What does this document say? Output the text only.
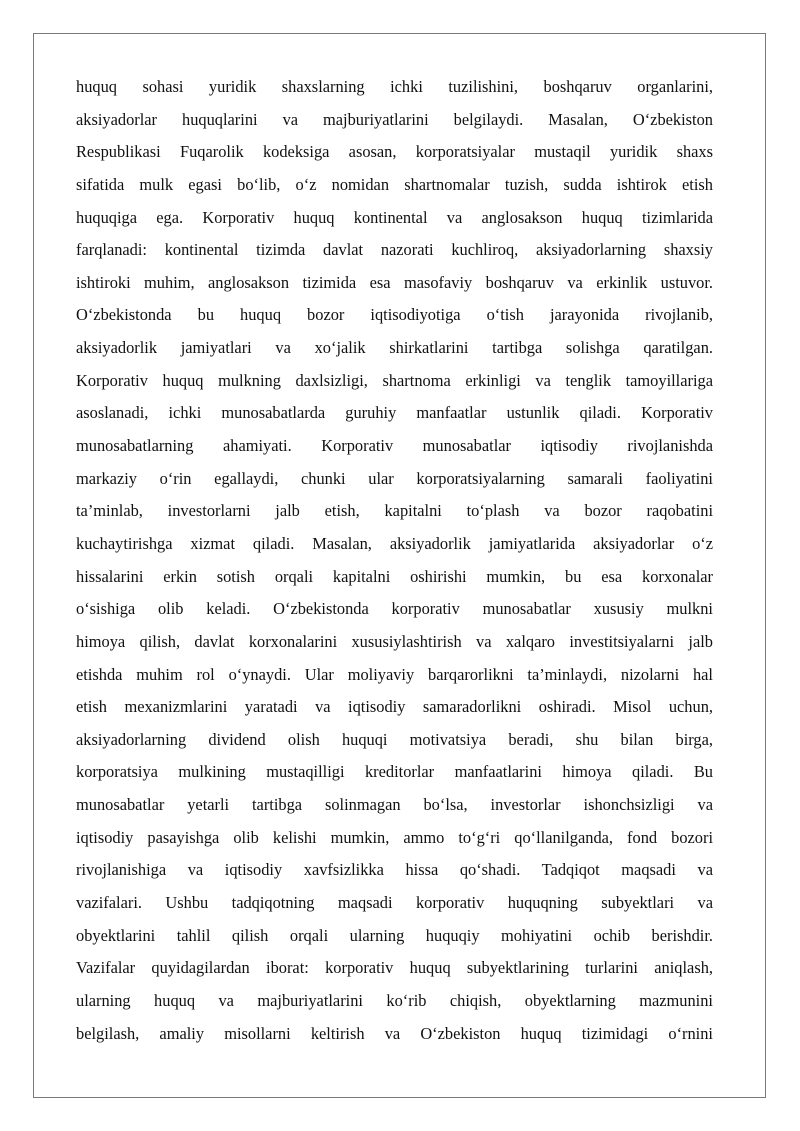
huquq sohasi yuridik shaxslarning ichki tuzilishini, boshqaruv organlarini,
aksiyadorlar huquqlarini va majburiyatlarini belgilaydi. Masalan, O‘zbekiston
Respublikasi Fuqarolik kodeksiga asosan, korporatsiyalar mustaqil yuridik shaxs
sifatida mulk egasi bo‘lib, o‘z nomidan shartnomalar tuzish, sudda ishtirok etish
huquqiga ega. Korporativ huquq kontinental va anglosakson huquq tizimlarida
farqlanadi: kontinental tizimda davlat nazorati kuchliroq, aksiyadorlarning shaxsiy
ishtiroki muhim, anglosakson tizimida esa masofaviy boshqaruv va erkinlik ustuvor.
O‘zbekistonda bu huquq bozor iqtisodiyotiga o‘tish jarayonida rivojlanib,
aksiyadorlik jamiyatlari va xo‘jalik shirkatlarini tartibga solishga qaratilgan.
Korporativ huquq mulkning daxlsizligi, shartnoma erkinligi va tenglik tamoyillariga
asoslanadi, ichki munosabatlarda guruhiy manfaatlar ustunlik qiladi. Korporativ
munosabatlarning ahamiyati. Korporativ munosabatlar iqtisodiy rivojlanishda
markaziy o‘rin egallaydi, chunki ular korporatsiyalarning samarali faoliyatini
ta’minlab, investorlarni jalb etish, kapitalni to‘plash va bozor raqobatini
kuchaytirishga xizmat qiladi. Masalan, aksiyadorlik jamiyatlarida aksiyadorlar o‘z
hissalarini erkin sotish orqali kapitalni oshirishi mumkin, bu esa korxonalar
o‘sishiga olib keladi. O‘zbekistonda korporativ munosabatlar xususiy mulkni
himoya qilish, davlat korxonalarini xususiylashtirish va xalqaro investitsiyalarni jalb
etishda muhim rol o‘ynaydi. Ular moliyaviy barqarorlikni ta’minlaydi, nizolarni hal
etish mexanizmlarini yaratadi va iqtisodiy samaradorlikni oshiradi. Misol uchun,
aksiyadorlarning dividend olish huquqi motivatsiya beradi, shu bilan birga,
korporatsiya mulkining mustaqilligi kreditorlar manfaatlarini himoya qiladi. Bu
munosabatlar yetarli tartibga solinmagan bo‘lsa, investorlar ishonchsizligi va
iqtisodiy pasayishga olib kelishi mumkin, ammo to‘g‘ri qo‘llanilganda, fond bozori
rivojlanishiga va iqtisodiy xavfsizlikka hissa qo‘shadi. Tadqiqot maqsadi va
vazifalari. Ushbu tadqiqotning maqsadi korporativ huquqning subyektlari va
obyektlarini tahlil qilish orqali ularning huquqiy mohiyatini ochib berishdir.
Vazifalar quyidagilardan iborat: korporativ huquq subyektlarining turlarini aniqlash,
ularning huquq va majburiyatlarini ko‘rib chiqish, obyektlarning mazmunini
belgilash, amaliy misollarni keltirish va O‘zbekiston huquq tizimidagi o‘rnini
